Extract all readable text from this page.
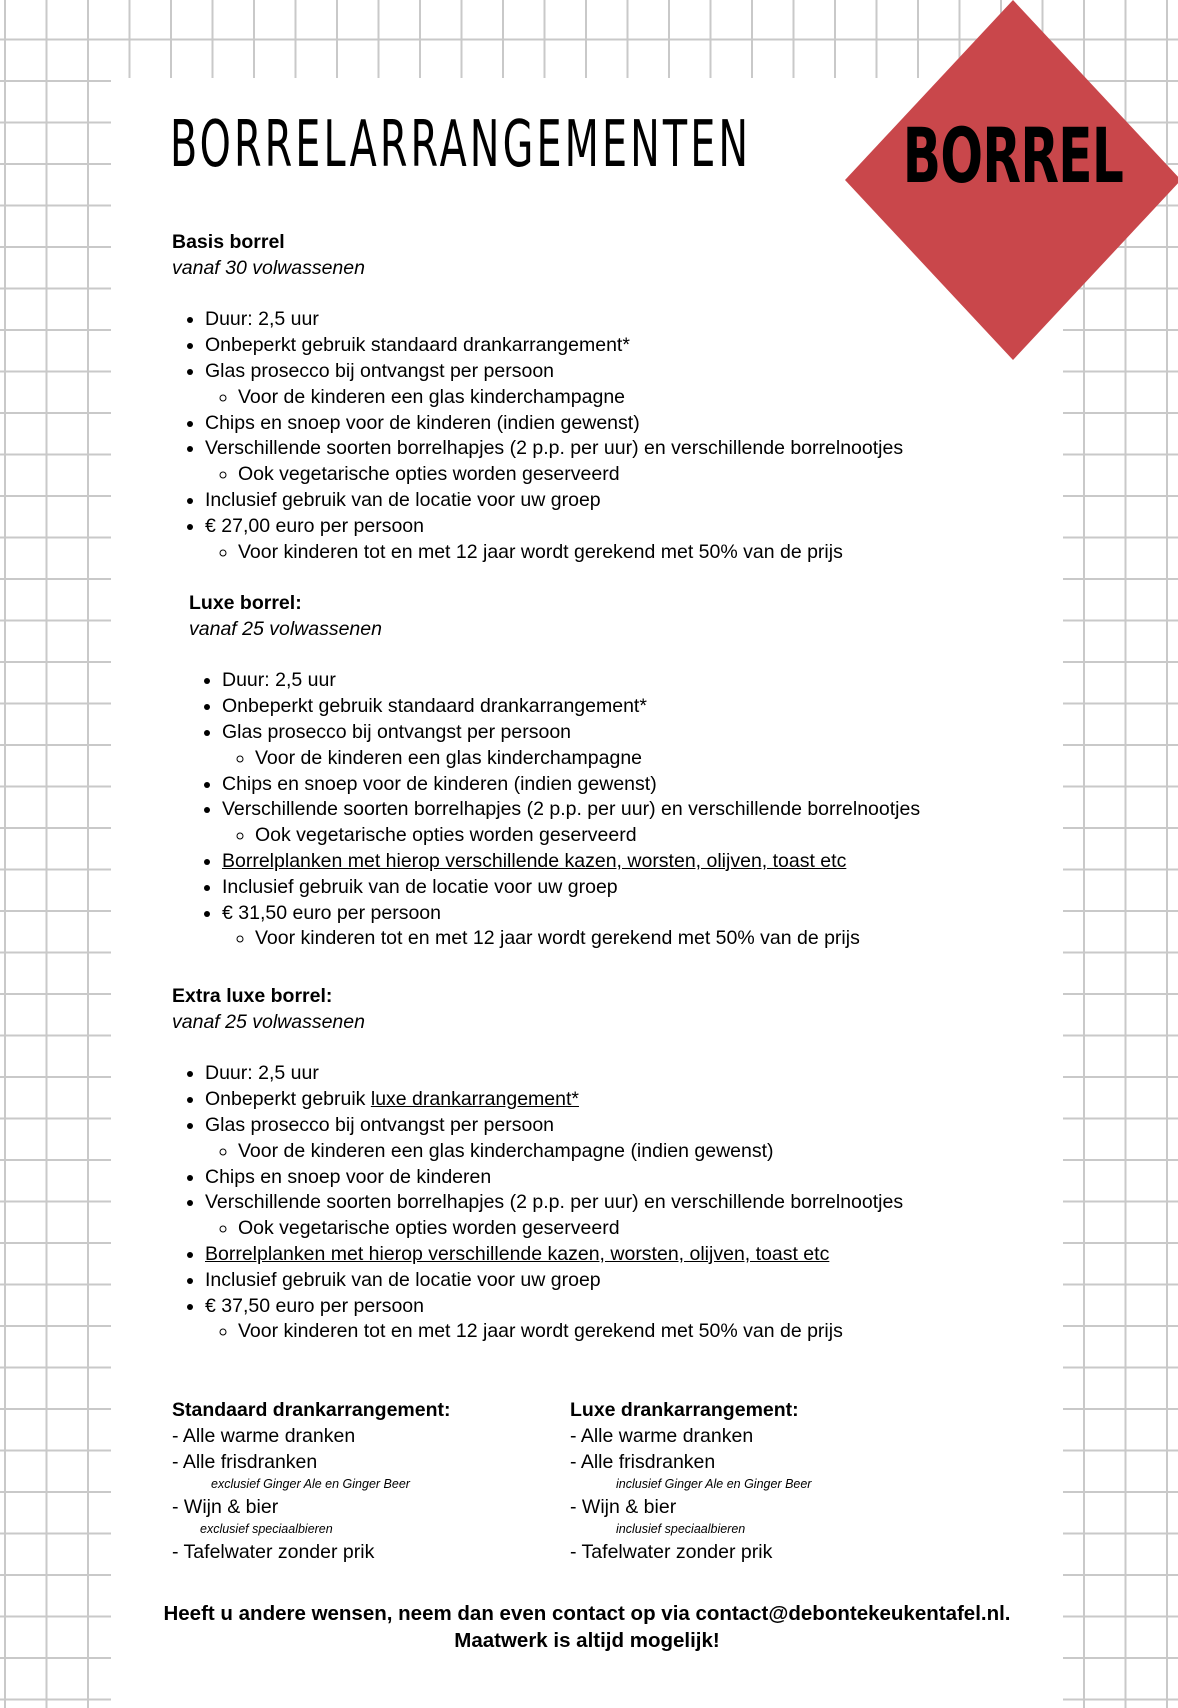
BORREL
BORRELARRANGEMENTEN
Basis borrel
vanaf 30 volwassenen
• Duur: 2,5 uur
• Onbeperkt gebruik standaard drankarrangement*
• Glas prosecco bij ontvangst per persoon
◦ Voor de kinderen een glas kinderchampagne
• Chips en snoep voor de kinderen (indien gewenst)
• Verschillende soorten borrelhapjes (2 p.p. per uur) en verschillende borrelnootjes
◦ Ook vegetarische opties worden geserveerd
• Inclusief gebruik van de locatie voor uw groep
• € 27,00 euro per persoon
◦ Voor kinderen tot en met 12 jaar wordt gerekend met 50% van de prijs
Luxe borrel:
vanaf 25 volwassenen
• Duur: 2,5 uur
• Onbeperkt gebruik standaard drankarrangement*
• Glas prosecco bij ontvangst per persoon
◦ Voor de kinderen een glas kinderchampagne
• Chips en snoep voor de kinderen (indien gewenst)
• Verschillende soorten borrelhapjes (2 p.p. per uur) en verschillende borrelnootjes
◦ Ook vegetarische opties worden geserveerd
• Borrelplanken met hierop verschillende kazen, worsten, olijven, toast etc
• Inclusief gebruik van de locatie voor uw groep
• € 31,50 euro per persoon
◦ Voor kinderen tot en met 12 jaar wordt gerekend met 50% van de prijs
Extra luxe borrel:
vanaf 25 volwassenen
• Duur: 2,5 uur
• Onbeperkt gebruik luxe drankarrangement*
• Glas prosecco bij ontvangst per persoon
◦ Voor de kinderen een glas kinderchampagne (indien gewenst)
• Chips en snoep voor de kinderen
• Verschillende soorten borrelhapjes (2 p.p. per uur) en verschillende borrelnootjes
◦ Ook vegetarische opties worden geserveerd
• Borrelplanken met hierop verschillende kazen, worsten, olijven, toast etc
• Inclusief gebruik van de locatie voor uw groep
• € 37,50 euro per persoon
◦ Voor kinderen tot en met 12 jaar wordt gerekend met 50% van de prijs
Standaard drankarrangement:
- Alle warme dranken
- Alle frisdranken
exclusief Ginger Ale en Ginger Beer
- Wijn & bier
exclusief speciaalbieren
- Tafelwater zonder prik
Luxe drankarrangement:
- Alle warme dranken
- Alle frisdranken
inclusief Ginger Ale en Ginger Beer
- Wijn & bier
inclusief speciaalbieren
- Tafelwater zonder prik
Heeft u andere wensen, neem dan even contact op via contact@debontekeukentafel.nl.
Maatwerk is altijd mogelijk!
